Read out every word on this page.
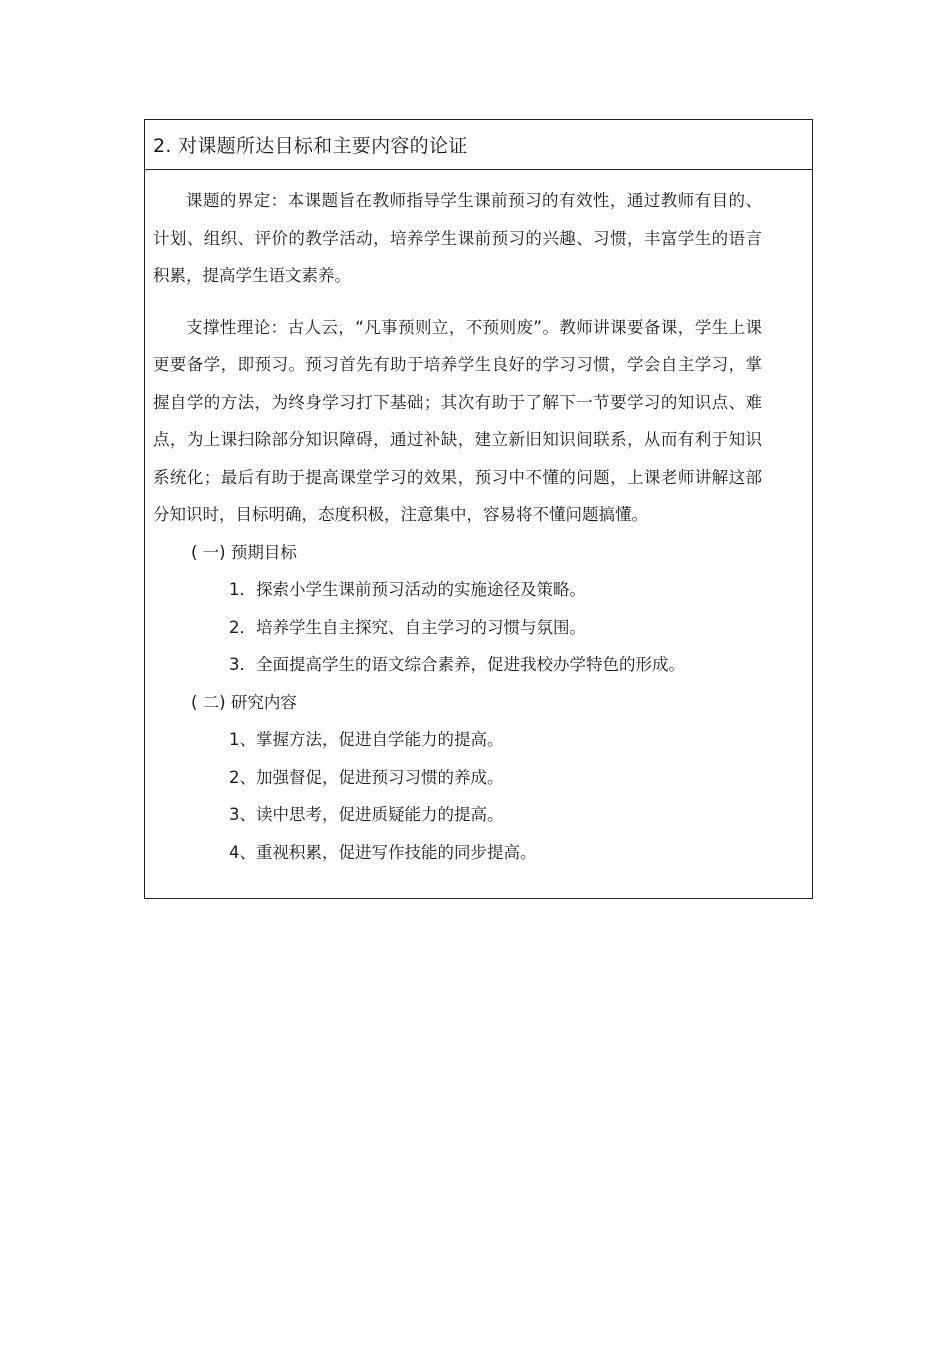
2. 对课题所达目标和主要内容的论证

课题的界定：本课题旨在教师指导学生课前预习的有效性，通过教师有目的、计划、组织、评价的教学活动，培养学生课前预习的兴趣、习惯，丰富学生的语言积累，提高学生语文素养。

支撑性理论：古人云，“凡事预则立，不预则废”。教师讲课要备课，学生上课更要备学，即预习。预习首先有助于培养学生良好的学习习惯，学会自主学习，掌握自学的方法，为终身学习打下基础；其次有助于了解下一节要学习的知识点、难点，为上课扫除部分知识障碍，通过补缺，建立新旧知识间联系，从而有利于知识系统化；最后有助于提高课堂学习的效果，预习中不懂的问题，上课老师讲解这部分知识时，目标明确，态度积极，注意集中，容易将不懂问题搞懂。

( 一) 预期目标

1．探索小学生课前预习活动的实施途径及策略。

2．培养学生自主探究、自主学习的习惯与氛围。

3．全面提高学生的语文综合素养，促进我校办学特色的形成。

( 二) 研究内容

1、掌握方法，促进自学能力的提高。

2、加强督促，促进预习习惯的养成。

3、读中思考，促进质疑能力的提高。

4、重视积累，促进写作技能的同步提高。
